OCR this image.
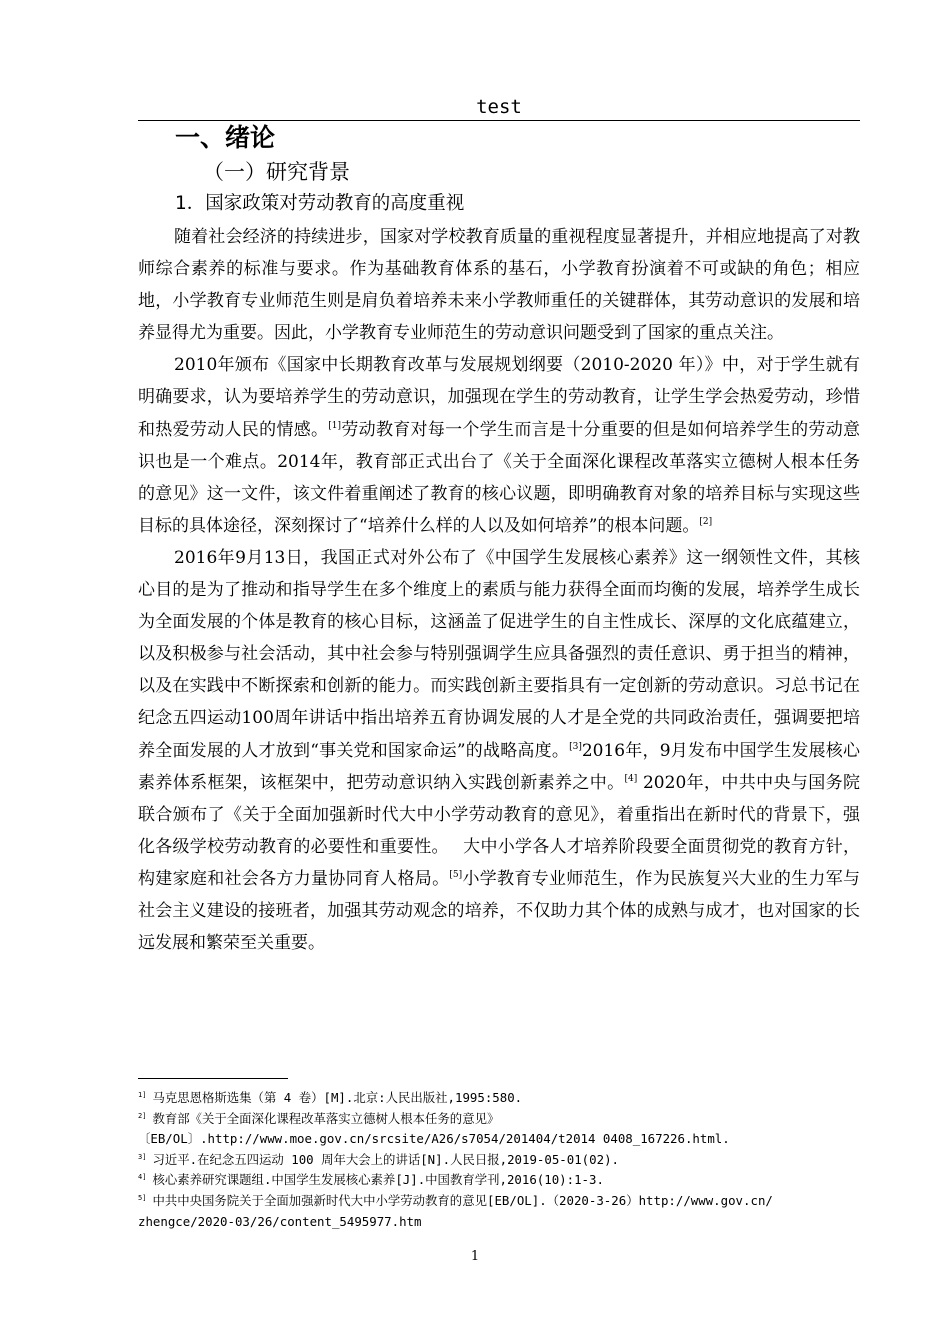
test
一、绪论
（一）研究背景
1．国家政策对劳动教育的高度重视

随着社会经济的持续进步，国家对学校教育质量的重视程度显著提升，并相应地提高了对教师综合素养的标准与要求。作为基础教育体系的基石，小学教育扮演着不可或缺的角色；相应地，小学教育专业师范生则是肩负着培养未来小学教师重任的关键群体，其劳动意识的发展和培养显得尤为重要。因此，小学教育专业师范生的劳动意识问题受到了国家的重点关注。

2010年颁布《国家中长期教育改革与发展规划纲要（2010-2020 年）》中，对于学生就有明确要求，认为要培养学生的劳动意识，加强现在学生的劳动教育，让学生学会热爱劳动，珍惜和热爱劳动人民的情感。[1]劳动教育对每一个学生而言是十分重要的但是如何培养学生的劳动意识也是一个难点。2014年，教育部正式出台了《关于全面深化课程改革落实立德树人根本任务的意见》这一文件，该文件着重阐述了教育的核心议题，即明确教育对象的培养目标与实现这些目标的具体途径，深刻探讨了“培养什么样的人以及如何培养”的根本问题。[2]

2016年9月13日，我国正式对外公布了《中国学生发展核心素养》这一纲领性文件，其核心目的是为了推动和指导学生在多个维度上的素质与能力获得全面而均衡的发展，培养学生成长为全面发展的个体是教育的核心目标，这涵盖了促进学生的自主性成长、深厚的文化底蕴建立，以及积极参与社会活动，其中社会参与特别强调学生应具备强烈的责任意识、勇于担当的精神，以及在实践中不断探索和创新的能力。而实践创新主要指具有一定创新的劳动意识。习总书记在纪念五四运动100周年讲话中指出培养五育协调发展的人才是全党的共同政治责任，强调要把培养全面发展的人才放到“事关党和国家命运”的战略高度。[3]2016年，9月发布中国学生发展核心素养体系框架，该框架中，把劳动意识纳入实践创新素养之中。[4] 2020年，中共中央与国务院联合颁布了《关于全面加强新时代大中小学劳动教育的意见》，着重指出在新时代的背景下，强化各级学校劳动教育的必要性和重要性。　 大中小学各人才培养阶段要全面贯彻党的教育方针，构建家庭和社会各方力量协同育人格局。[5]小学教育专业师范生，作为民族复兴大业的生力军与社会主义建设的接班者，加强其劳动观念的培养，不仅助力其个体的成熟与成才，也对国家的长远发展和繁荣至关重要。

$^{1]}$ 马克思恩格斯选集（第 4 卷）[M].北京:人民出版社,1995:580.

$^{2]}$ 教育部《关于全面深化课程改革落实立德树人根本任务的意见》〔EB/OL〕.http://www.moe.gov.cn/srcsite/A26/s7054/201404/t2014 0408_167226.html.

$^{3]}$ 习近平.在纪念五四运动 100 周年大会上的讲话[N].人民日报,2019-05-01(02).

$^{4]}$ 核心素养研究课题组.中国学生发展核心素养[J].中国教育学刊,2016(10):1-3.

$^{5]}$ 中共中央国务院关于全面加强新时代大中小学劳动教育的意见[EB/OL].（2020-3-26）http://www.gov.cn/ zhengce/2020-03/26/content_5495977.htm

1
